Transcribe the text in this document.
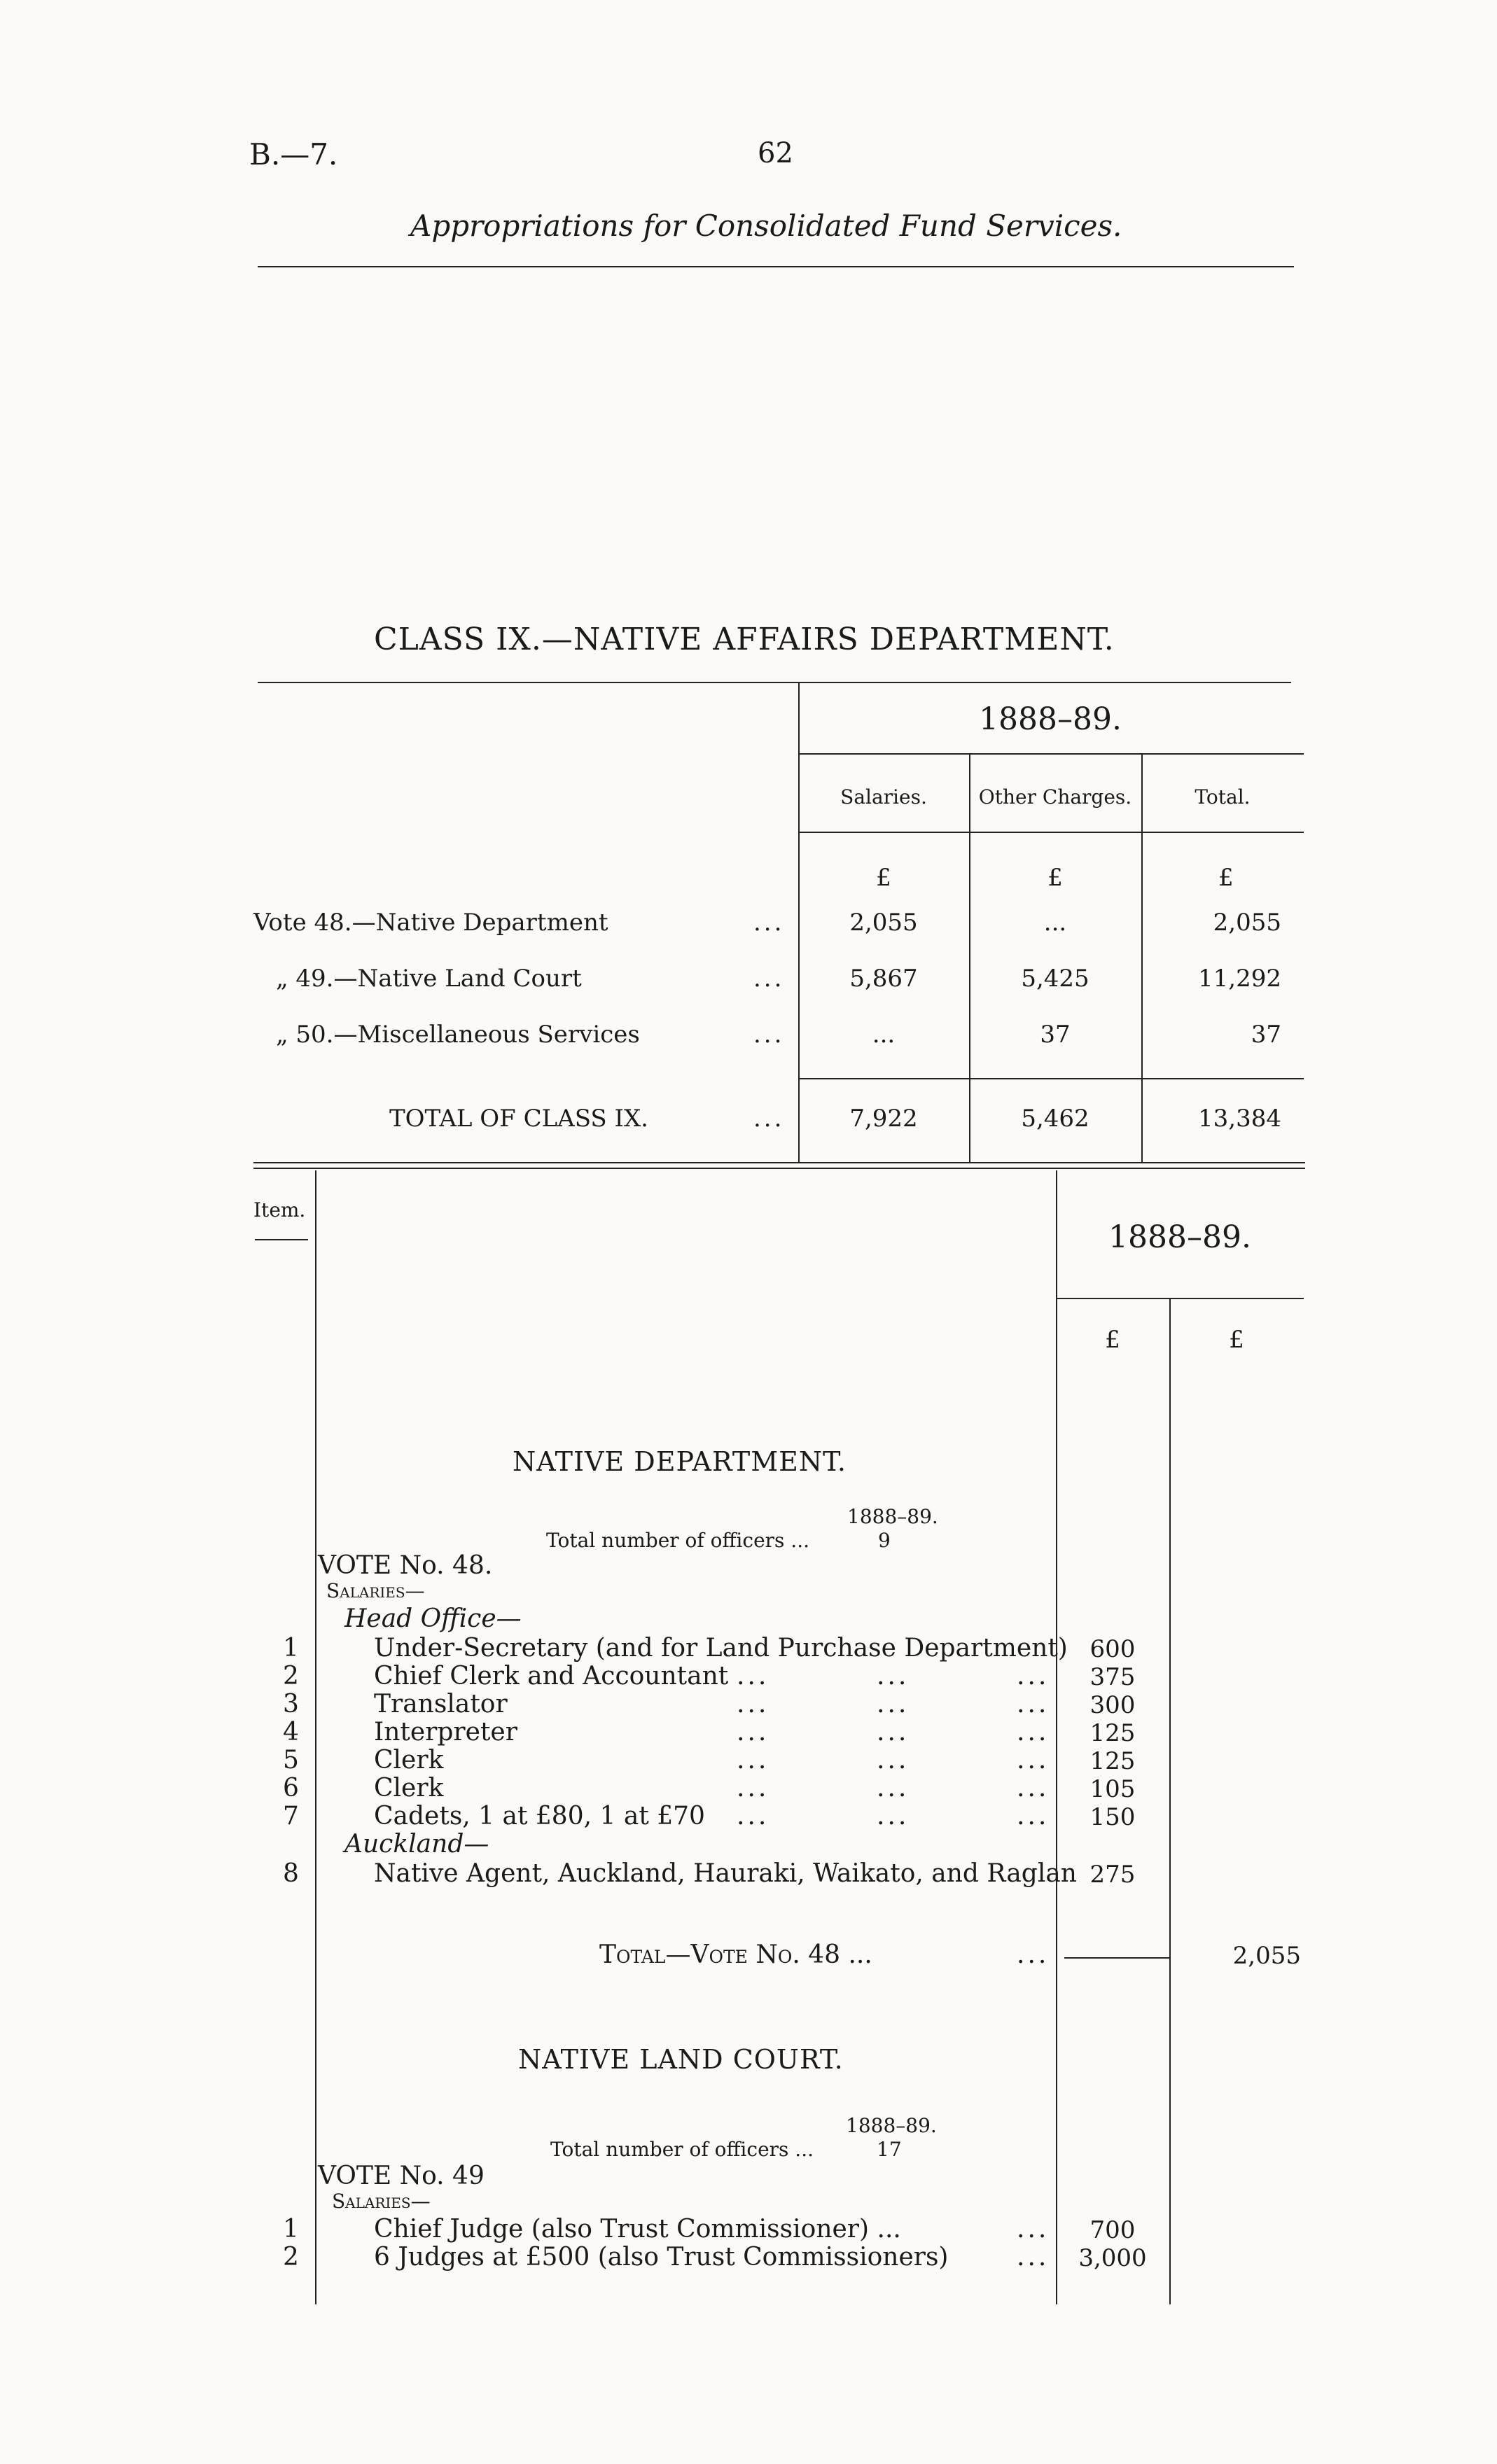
B.—7.	62
Appropriations for Consolidated Fund Services.
CLASS IX.—NATIVE AFFAIRS DEPARTMENT.
1888–89.
Salaries.	Other Charges.	Total.
£	£	£
Vote 48.—Native Department	...	2,055	...	2,055
„ 49.—Native Land Court	...	5,867	5,425	11,292
„ 50.—Miscellaneous Services	...	...	37	37
TOTAL OF CLASS IX.	...	7,922	5,462	13,384
Item.
1888–89.
£	£
NATIVE DEPARTMENT.
1888–89.
Total number of officers ...	9
VOTE No. 48.
Salaries—
Head Office—
1	Under-Secretary (and for Land Purchase Department) 600
2	Chief Clerk and Accountant ...	...	...	375
3	Translator	...	...	...	300
4	Interpreter	...	...	...	125
5	Clerk	...	...	...	125
6	Clerk	...	...	...	105
7	Cadets, 1 at £80, 1 at £70 ...	...	...	150
Auckland—
8	Native Agent, Auckland, Hauraki, Waikato, and Raglan 275
Total—Vote No. 48 ...	...	2,055
NATIVE LAND COURT.
1888–89.
Total number of officers ...	17
VOTE No. 49
Salaries—
1	Chief Judge (also Trust Commissioner) ...	...	700
2	6 Judges at £500 (also Trust Commissioners)	...	3,000
